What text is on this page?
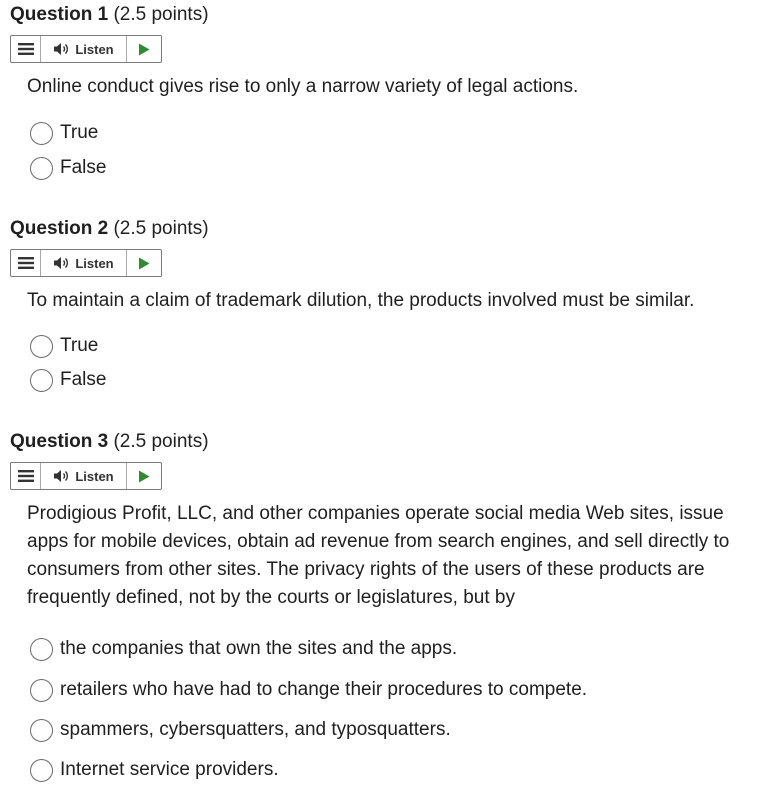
Question 1 (2.5 points)
Listen
Online conduct gives rise to only a narrow variety of legal actions.
True
False
Question 2 (2.5 points)
Listen
To maintain a claim of trademark dilution, the products involved must be similar.
True
False
Question 3 (2.5 points)
Listen
Prodigious Profit, LLC, and other companies operate social media Web sites, issue apps for mobile devices, obtain ad revenue from search engines, and sell directly to consumers from other sites. The privacy rights of the users of these products are frequently defined, not by the courts or legislatures, but by
the companies that own the sites and the apps.
retailers who have had to change their procedures to compete.
spammers, cybersquatters, and typosquatters.
Internet service providers.
